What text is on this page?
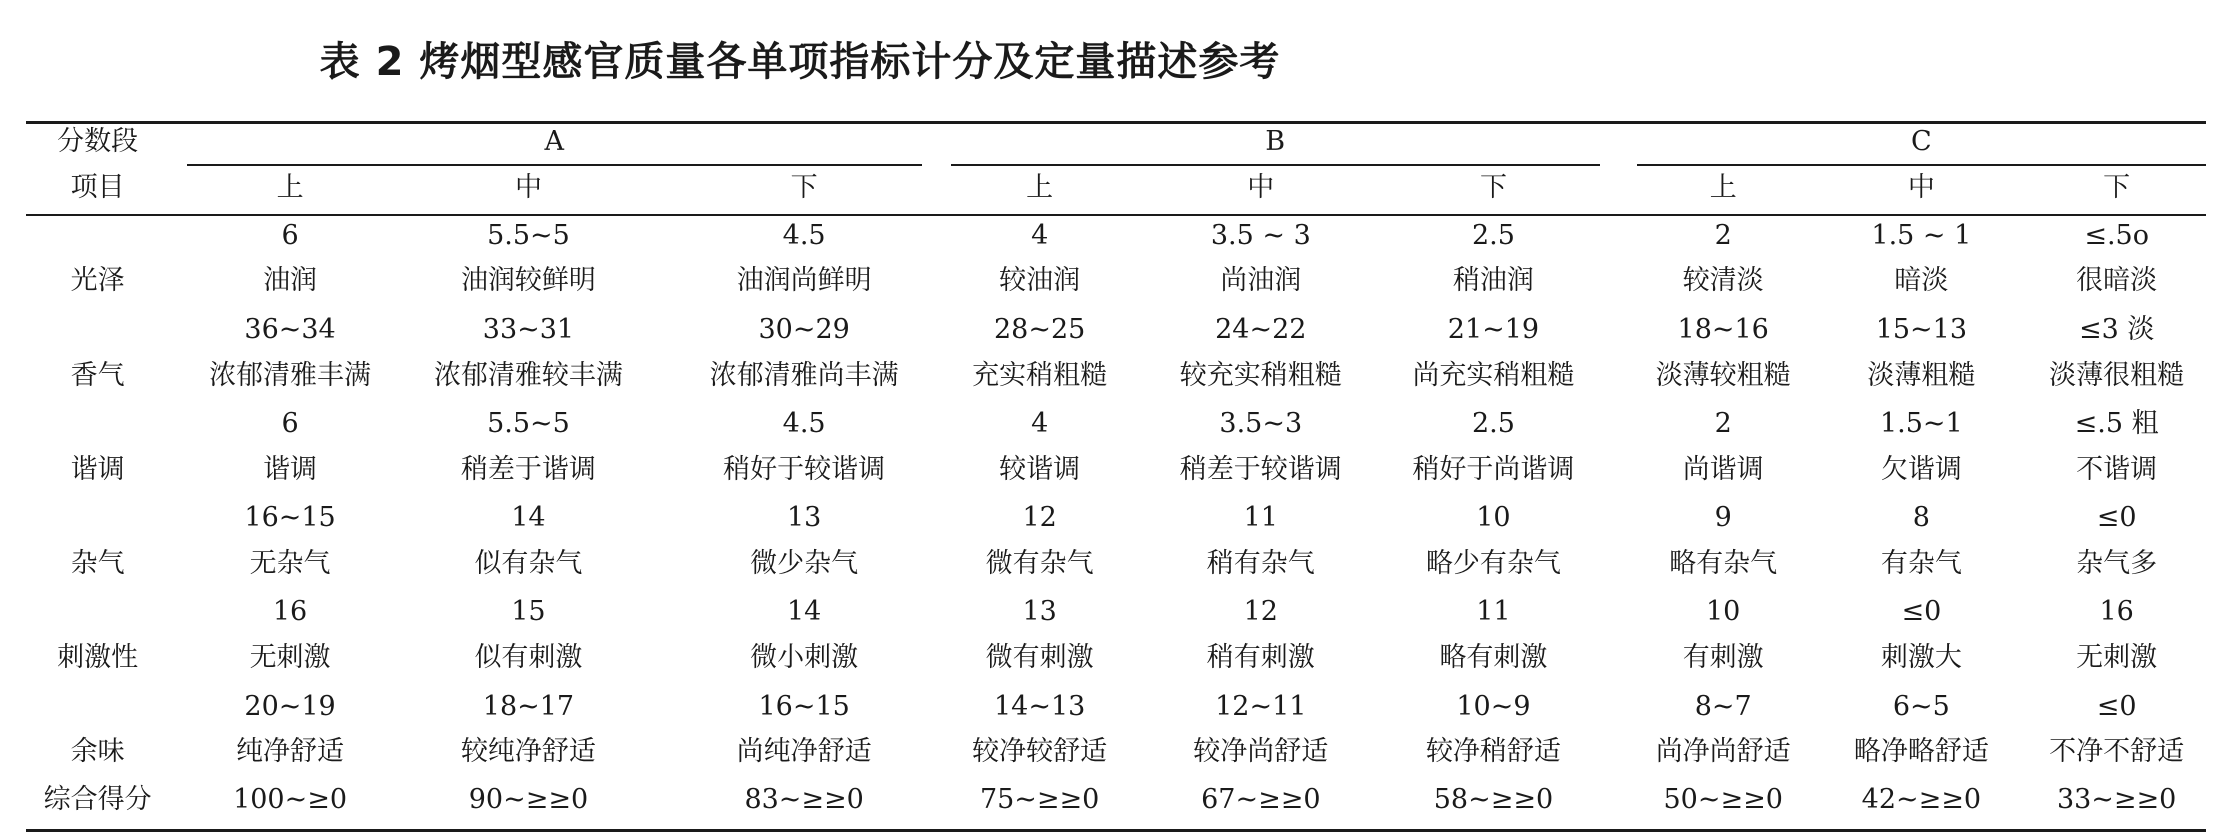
表 2 烤烟型感官质量各单项指标计分及定量描述参考
分数段
项目
A	B	C
上	中	下	上	中	下	上	中	下
光泽
6	5.5~5	4.5	4	3.5 ~ 3	2.5	2	1.5 ~ 1	≤.5o
油润	油润较鲜明	油润尚鲜明	较油润	尚油润	稍油润	较清淡	暗淡	很暗淡
香气
36~34	33~31	30~29	28~25	24~22	21~19	18~16	15~13	≤3 淡
浓郁清雅丰满	浓郁清雅较丰满	浓郁清雅尚丰满	充实稍粗糙	较充实稍粗糙	尚充实稍粗糙	淡薄较粗糙	淡薄粗糙	淡薄很粗糙
谐调
6	5.5~5	4.5	4	3.5~3	2.5	2	1.5~1	≤.5 粗
谐调	稍差于谐调	稍好于较谐调	较谐调	稍差于较谐调	稍好于尚谐调	尚谐调	欠谐调	不谐调
杂气
16~15	14	13	12	11	10	9	8	≤0
无杂气	似有杂气	微少杂气	微有杂气	稍有杂气	略少有杂气	略有杂气	有杂气	杂气多
刺激性
16	15	14	13	12	11	10	≤0	16
无刺激	似有刺激	微小刺激	微有刺激	稍有刺激	略有刺激	有刺激	刺激大	无刺激
余味
20~19	18~17	16~15	14~13	12~11	10~9	8~7	6~5	≤0
纯净舒适	较纯净舒适	尚纯净舒适	较净较舒适	较净尚舒适	较净稍舒适	尚净尚舒适	略净略舒适	不净不舒适
综合得分	100~≥0	90~≥≥0	83~≥≥0	75~≥≥0	67~≥≥0	58~≥≥0	50~≥≥0	42~≥≥0	33~≥≥0
